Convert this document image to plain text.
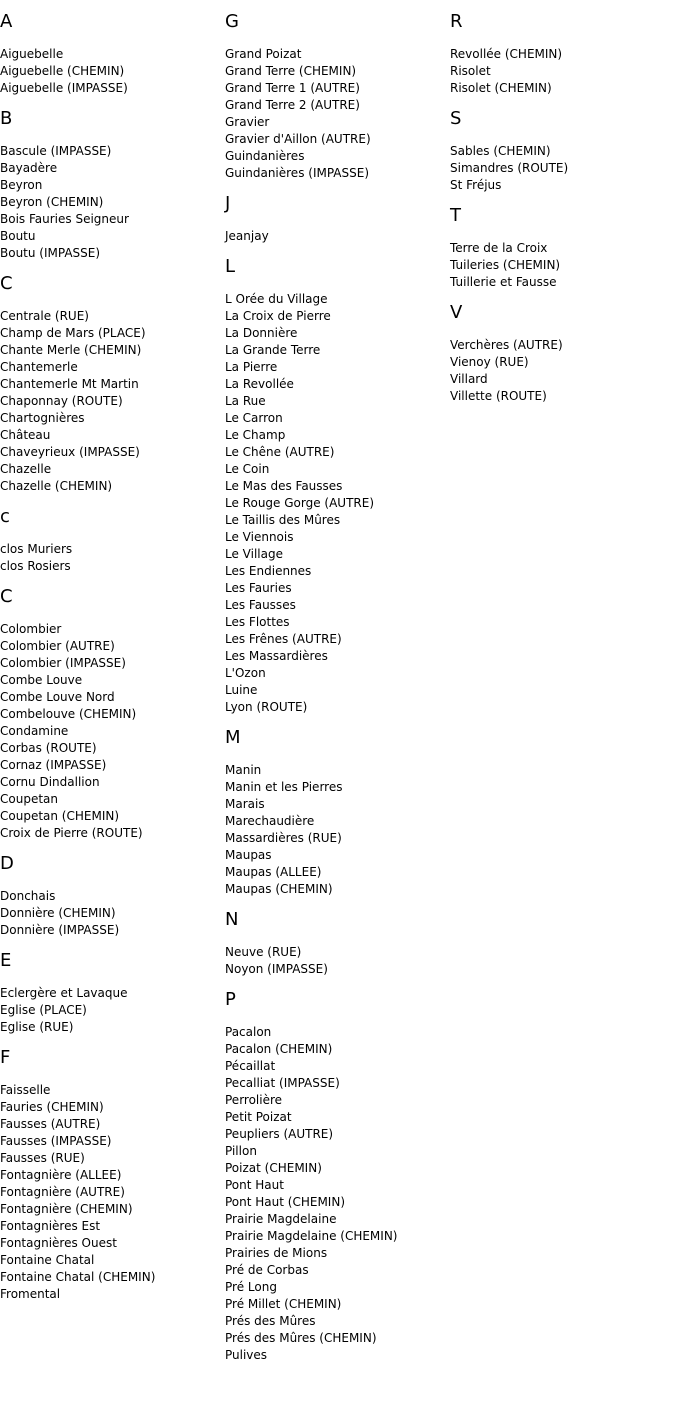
A
Aiguebelle
Aiguebelle (CHEMIN)
Aiguebelle (IMPASSE)
B
Bascule (IMPASSE)
Bayadère
Beyron
Beyron (CHEMIN)
Bois Fauries Seigneur
Boutu
Boutu (IMPASSE)
C
Centrale (RUE)
Champ de Mars (PLACE)
Chante Merle (CHEMIN)
Chantemerle
Chantemerle Mt Martin
Chaponnay (ROUTE)
Chartognières
Château
Chaveyrieux (IMPASSE)
Chazelle
Chazelle (CHEMIN)
c
clos Muriers
clos Rosiers
C
Colombier
Colombier (AUTRE)
Colombier (IMPASSE)
Combe Louve
Combe Louve Nord
Combelouve (CHEMIN)
Condamine
Corbas (ROUTE)
Cornaz (IMPASSE)
Cornu Dindallion
Coupetan
Coupetan (CHEMIN)
Croix de Pierre (ROUTE)
D
Donchais
Donnière (CHEMIN)
Donnière (IMPASSE)
E
Eclergère et Lavaque
Eglise (PLACE)
Eglise (RUE)
F
Faisselle
Fauries (CHEMIN)
Fausses (AUTRE)
Fausses (IMPASSE)
Fausses (RUE)
Fontagnière (ALLEE)
Fontagnière (AUTRE)
Fontagnière (CHEMIN)
Fontagnières Est
Fontagnières Ouest
Fontaine Chatal
Fontaine Chatal (CHEMIN)
Fromental
G
Grand Poizat
Grand Terre (CHEMIN)
Grand Terre 1 (AUTRE)
Grand Terre 2 (AUTRE)
Gravier
Gravier d'Aillon (AUTRE)
Guindanières
Guindanières (IMPASSE)
J
Jeanjay
L
L Orée du Village
La Croix de Pierre
La Donnière
La Grande Terre
La Pierre
La Revollée
La Rue
Le Carron
Le Champ
Le Chêne (AUTRE)
Le Coin
Le Mas des Fausses
Le Rouge Gorge (AUTRE)
Le Taillis des Mûres
Le Viennois
Le Village
Les Endiennes
Les Fauries
Les Fausses
Les Flottes
Les Frênes (AUTRE)
Les Massardières
L'Ozon
Luine
Lyon (ROUTE)
M
Manin
Manin et les Pierres
Marais
Marechaudière
Massardières (RUE)
Maupas
Maupas (ALLEE)
Maupas (CHEMIN)
N
Neuve (RUE)
Noyon (IMPASSE)
P
Pacalon
Pacalon (CHEMIN)
Pécaillat
Pecalliat (IMPASSE)
Perrolière
Petit Poizat
Peupliers (AUTRE)
Pillon
Poizat (CHEMIN)
Pont Haut
Pont Haut (CHEMIN)
Prairie Magdelaine
Prairie Magdelaine (CHEMIN)
Prairies de Mions
Pré de Corbas
Pré Long
Pré Millet (CHEMIN)
Prés des Mûres
Prés des Mûres (CHEMIN)
Pulives
R
Revollée (CHEMIN)
Risolet
Risolet (CHEMIN)
S
Sables (CHEMIN)
Simandres (ROUTE)
St Fréjus
T
Terre de la Croix
Tuileries (CHEMIN)
Tuillerie et Fausse
V
Verchères (AUTRE)
Vienoy (RUE)
Villard
Villette (ROUTE)
